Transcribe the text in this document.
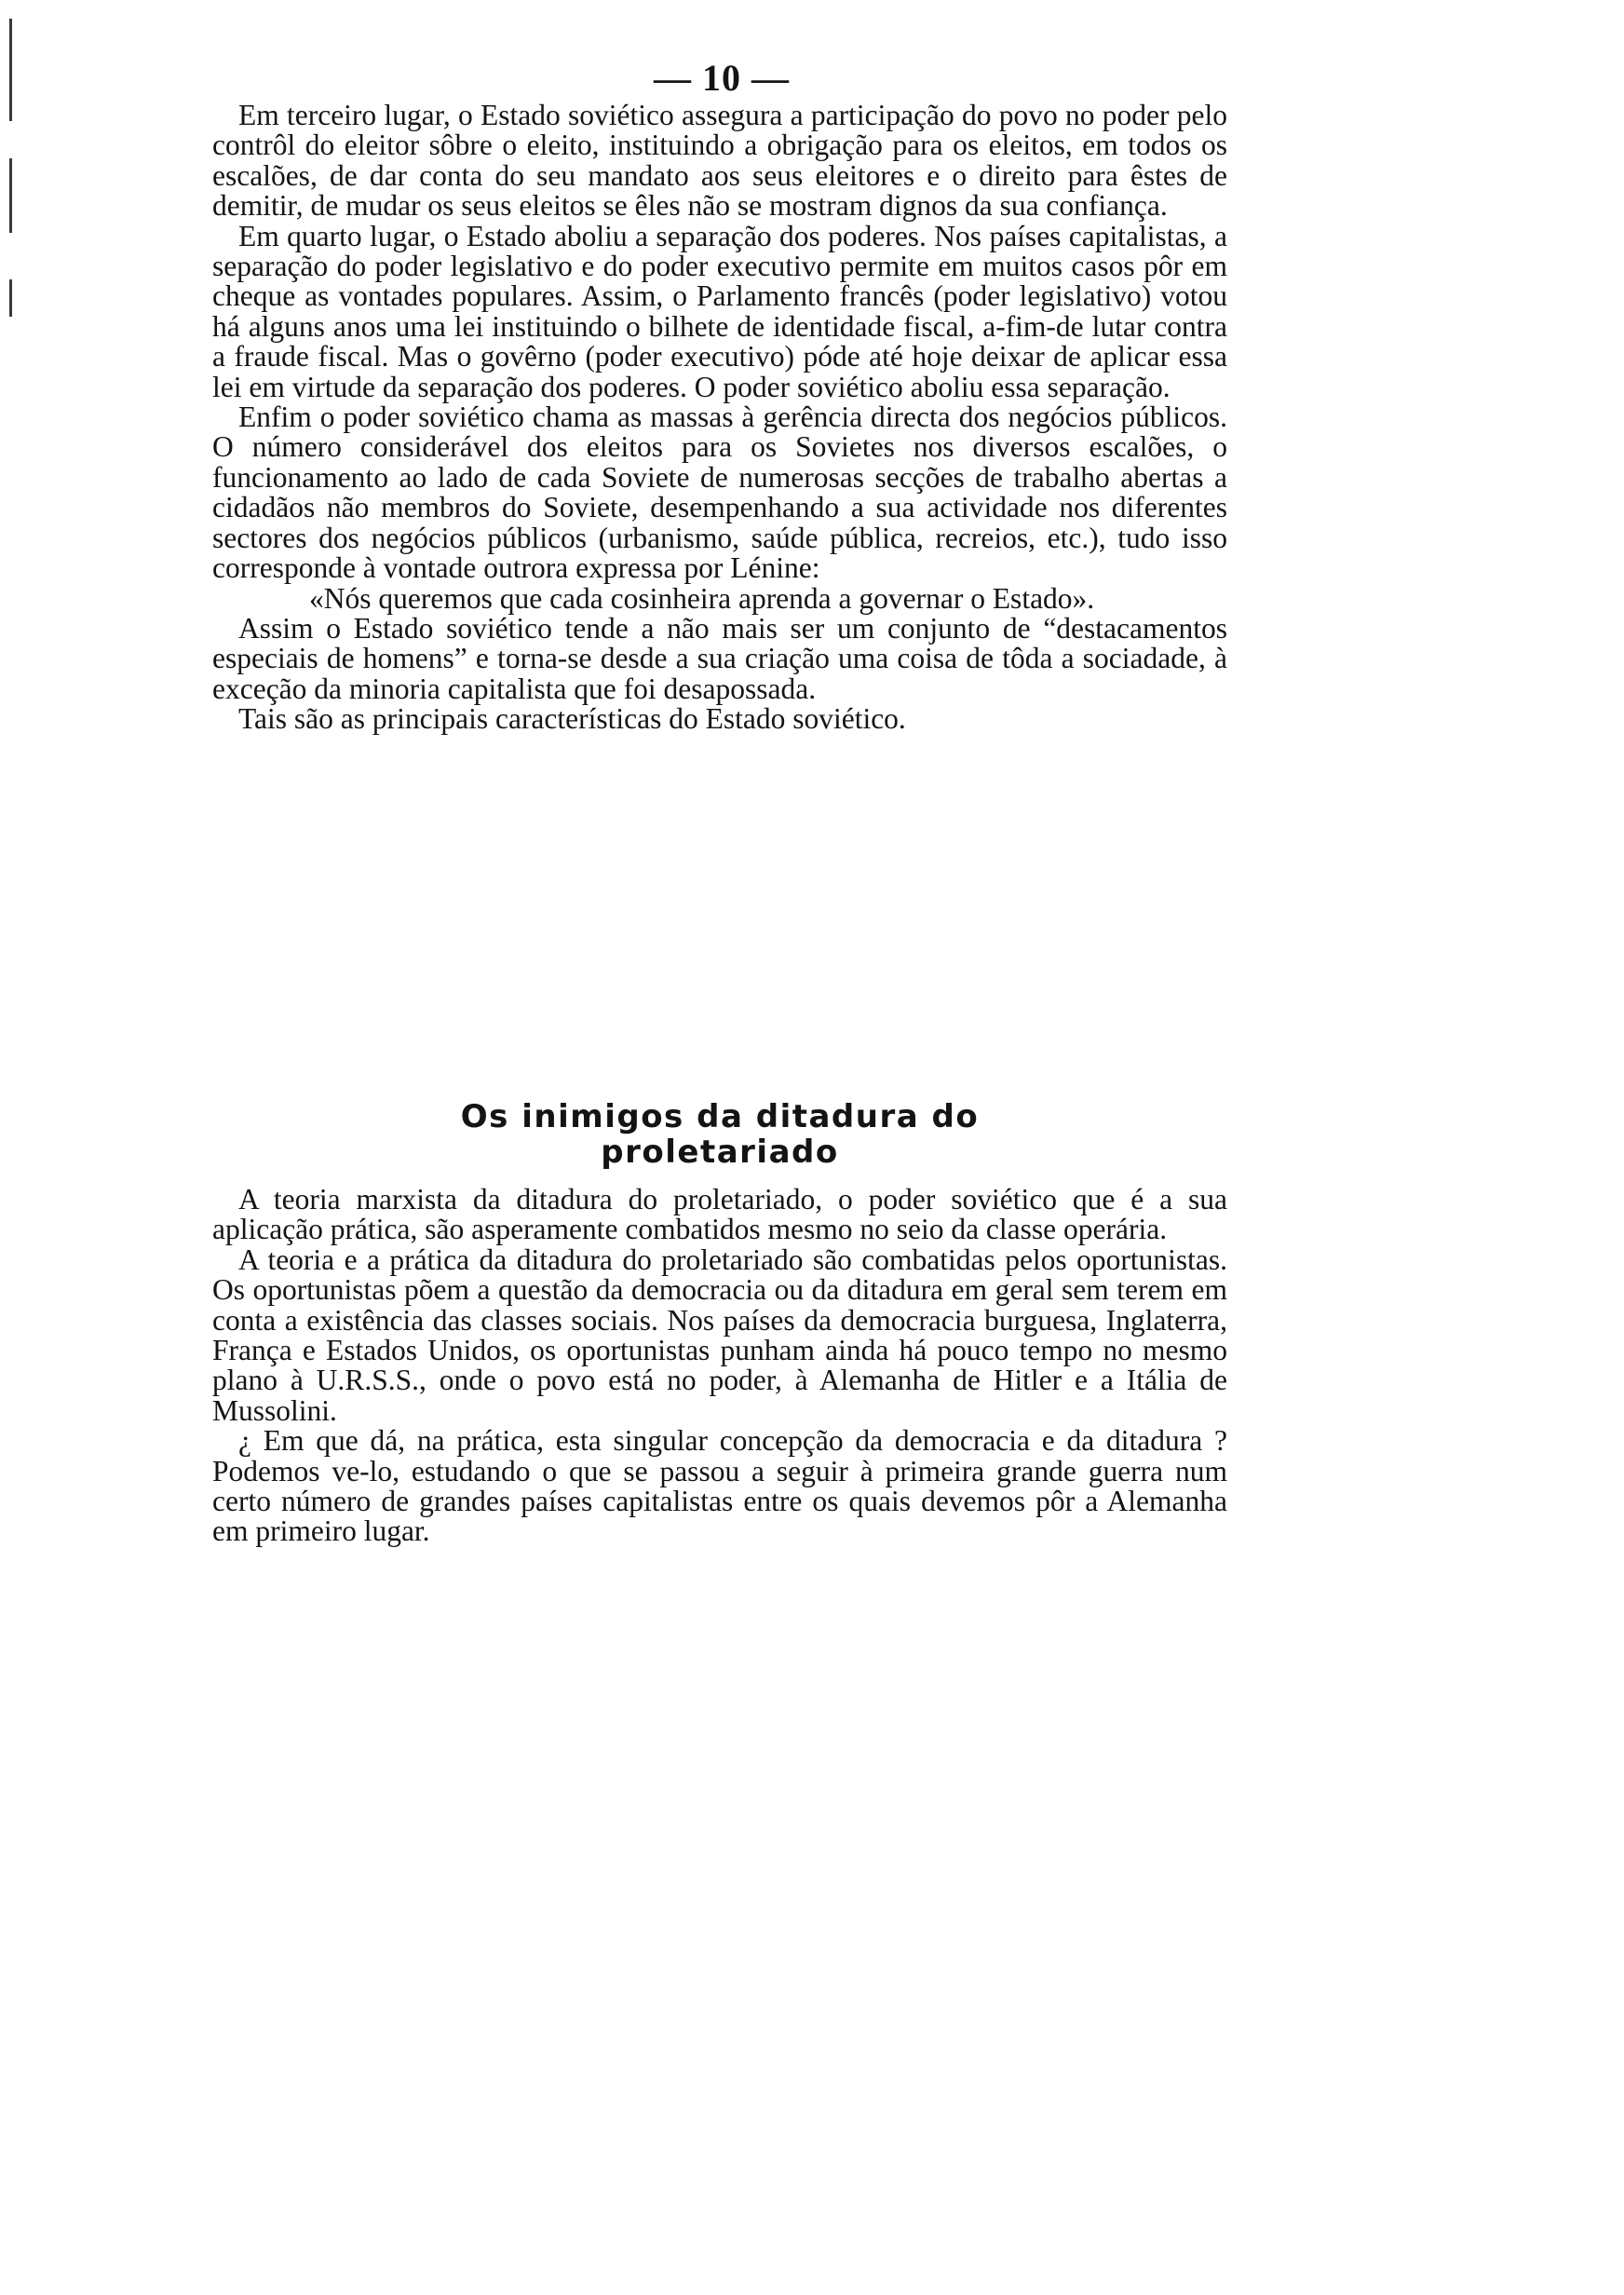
— 10 —

Em terceiro lugar, o Estado soviético assegura a participação do povo no poder pelo contrôl do eleitor sôbre o eleito, instituindo a obrigação para os eleitos, em todos os escalões, de dar conta do seu mandato aos seus eleitores e o direito para êstes de demitir, de mudar os seus eleitos se êles não se mostram dignos da sua confiança.

Em quarto lugar, o Estado aboliu a separação dos poderes. Nos países capitalistas, a separação do poder legislativo e do poder executivo permite em muitos casos pôr em cheque as vontades populares. Assim, o Parlamento francês (poder legislativo) votou há alguns anos uma lei instituindo o bilhete de identidade fiscal, a-fim-de lutar contra a fraude fiscal. Mas o govêrno (poder executivo) póde até hoje deixar de aplicar essa lei em virtude da separação dos poderes. O poder soviético aboliu essa separação.

Enfim o poder soviético chama as massas à gerência directa dos negócios públicos. O número considerável dos eleitos para os Sovietes nos diversos escalões, o funcionamento ao lado de cada Soviete de numerosas secções de trabalho abertas a cidadãos não membros do Soviete, desempenhando a sua actividade nos diferentes sectores dos negócios públicos (urbanismo, saúde pública, recreios, etc.), tudo isso corresponde à vontade outrora expressa por Lénine:

«Nós queremos que cada cosinheira aprenda a governar o Estado».

Assim o Estado soviético tende a não mais ser um conjunto de “destacamentos especiais de homens” e torna-se desde a sua criação uma coisa de tôda a sociadade, à exceção da minoria capitalista que foi desapossada.

Tais são as principais características do Estado soviético.

Os inimigos da ditadura do
proletariado

A teoria marxista da ditadura do proletariado, o poder soviético que é a sua aplicação prática, são asperamente combatidos mesmo no seio da classe operária.

A teoria e a prática da ditadura do proletariado são combatidas pelos oportunistas. Os oportunistas põem a questão da democracia ou da ditadura em geral sem terem em conta a existência das classes sociais. Nos países da democracia burguesa, Inglaterra, França e Estados Unidos, os oportunistas punham ainda há pouco tempo no mesmo plano à U.R.S.S., onde o povo está no poder, à Alemanha de Hitler e a Itália de Mussolini.

¿ Em que dá, na prática, esta singular concepção da democracia e da ditadura ? Podemos ve-lo, estudando o que se passou a seguir à primeira grande guerra num certo número de grandes países capitalistas entre os quais devemos pôr a Alemanha em primeiro lugar.
